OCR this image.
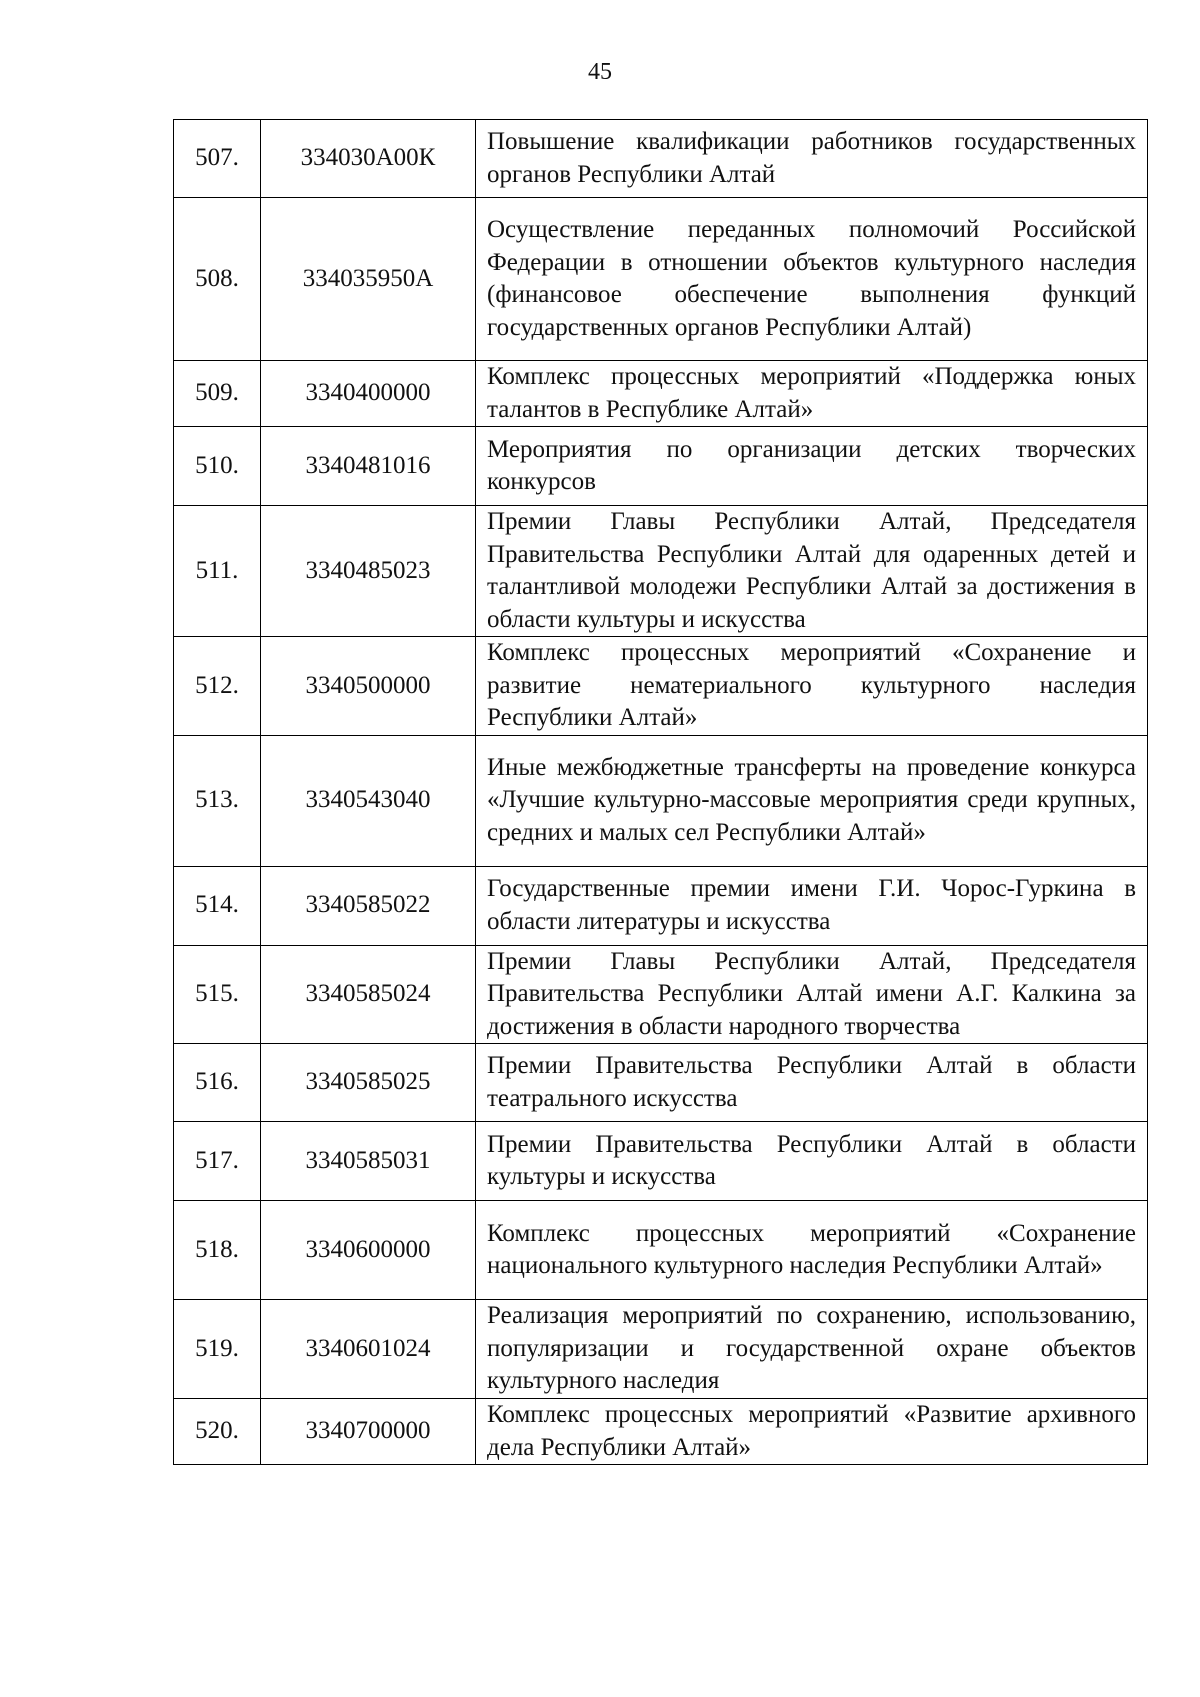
45
507.	334030А00К	Повышение квалификации работников государственных органов Республики Алтай

508.	334035950А	Осуществление переданных полномочий Российской Федерации в отношении объектов культурного наследия (финансовое обеспечение выполнения функций государственных органов Республики Алтай)

509.	3340400000	Комплекс процессных мероприятий «Поддержка юных талантов в Республике Алтай»

510.	3340481016	Мероприятия по организации детских творческих конкурсов

511.	3340485023	Премии Главы Республики Алтай, Председателя Правительства Республики Алтай для одаренных детей и талантливой молодежи Республики Алтай за достижения в области культуры и искусства

512.	3340500000	Комплекс процессных мероприятий «Сохранение и развитие нематериального культурного наследия Республики Алтай»

513.	3340543040	Иные межбюджетные трансферты на проведение конкурса «Лучшие культурно-массовые мероприятия среди крупных, средних и малых сел Республики Алтай»

514.	3340585022	Государственные премии имени Г.И. Чорос-Гуркина в области литературы и искусства

515.	3340585024	Премии Главы Республики Алтай, Председателя Правительства Республики Алтай имени А.Г. Калкина за достижения в области народного творчества

516.	3340585025	Премии Правительства Республики Алтай в области театрального искусства

517.	3340585031	Премии Правительства Республики Алтай в области культуры и искусства

518.	3340600000	Комплекс процессных мероприятий «Сохранение национального культурного наследия Республики Алтай»

519.	3340601024	Реализация мероприятий по сохранению, использованию, популяризации и государственной охране объектов культурного наследия

520.	3340700000	Комплекс процессных мероприятий «Развитие архивного дела Республики Алтай»
